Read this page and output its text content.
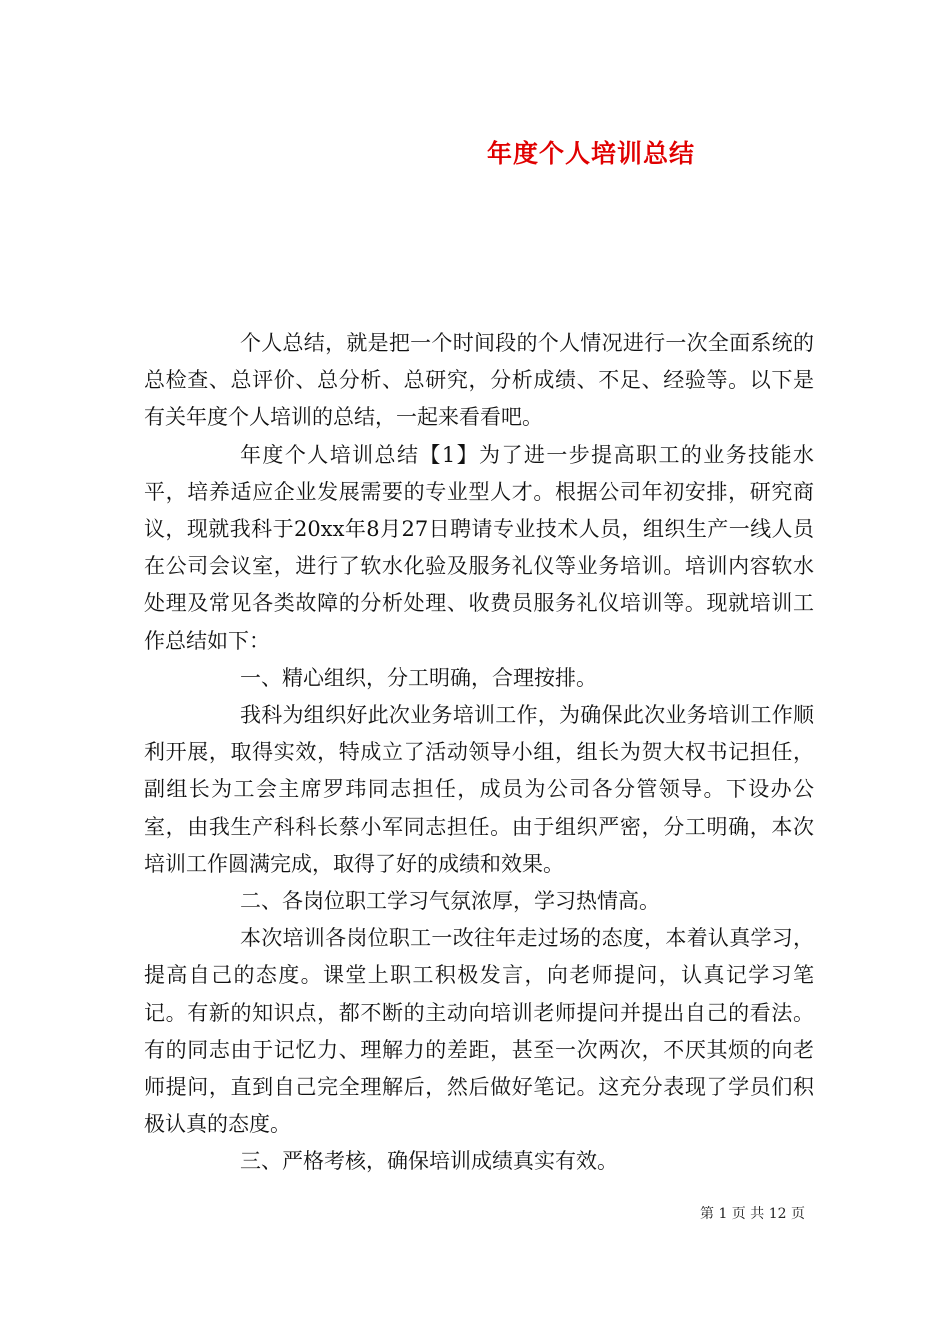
年度个人培训总结

个人总结，就是把一个时间段的个人情况进行一次全面系统的总检查、总评价、总分析、总研究，分析成绩、不足、经验等。以下是有关年度个人培训的总结，一起来看看吧。

年度个人培训总结【1】为了进一步提高职工的业务技能水平，培养适应企业发展需要的专业型人才。根据公司年初安排，研究商议，现就我科于20xx年8月27日聘请专业技术人员，组织生产一线人员在公司会议室，进行了软水化验及服务礼仪等业务培训。培训内容软水处理及常见各类故障的分析处理、收费员服务礼仪培训等。现就培训工作总结如下：

一、精心组织，分工明确，合理按排。

我科为组织好此次业务培训工作，为确保此次业务培训工作顺利开展，取得实效，特成立了活动领导小组，组长为贺大权书记担任，副组长为工会主席罗玮同志担任，成员为公司各分管领导。下设办公室，由我生产科科长蔡小军同志担任。由于组织严密，分工明确，本次培训工作圆满完成，取得了好的成绩和效果。

二、各岗位职工学习气氛浓厚，学习热情高。

本次培训各岗位职工一改往年走过场的态度，本着认真学习，提高自己的态度。课堂上职工积极发言，向老师提问，认真记学习笔记。有新的知识点，都不断的主动向培训老师提问并提出自己的看法。有的同志由于记忆力、理解力的差距，甚至一次两次，不厌其烦的向老师提问，直到自己完全理解后，然后做好笔记。这充分表现了学员们积极认真的态度。

三、严格考核，确保培训成绩真实有效。

第 1 页 共 12 页
